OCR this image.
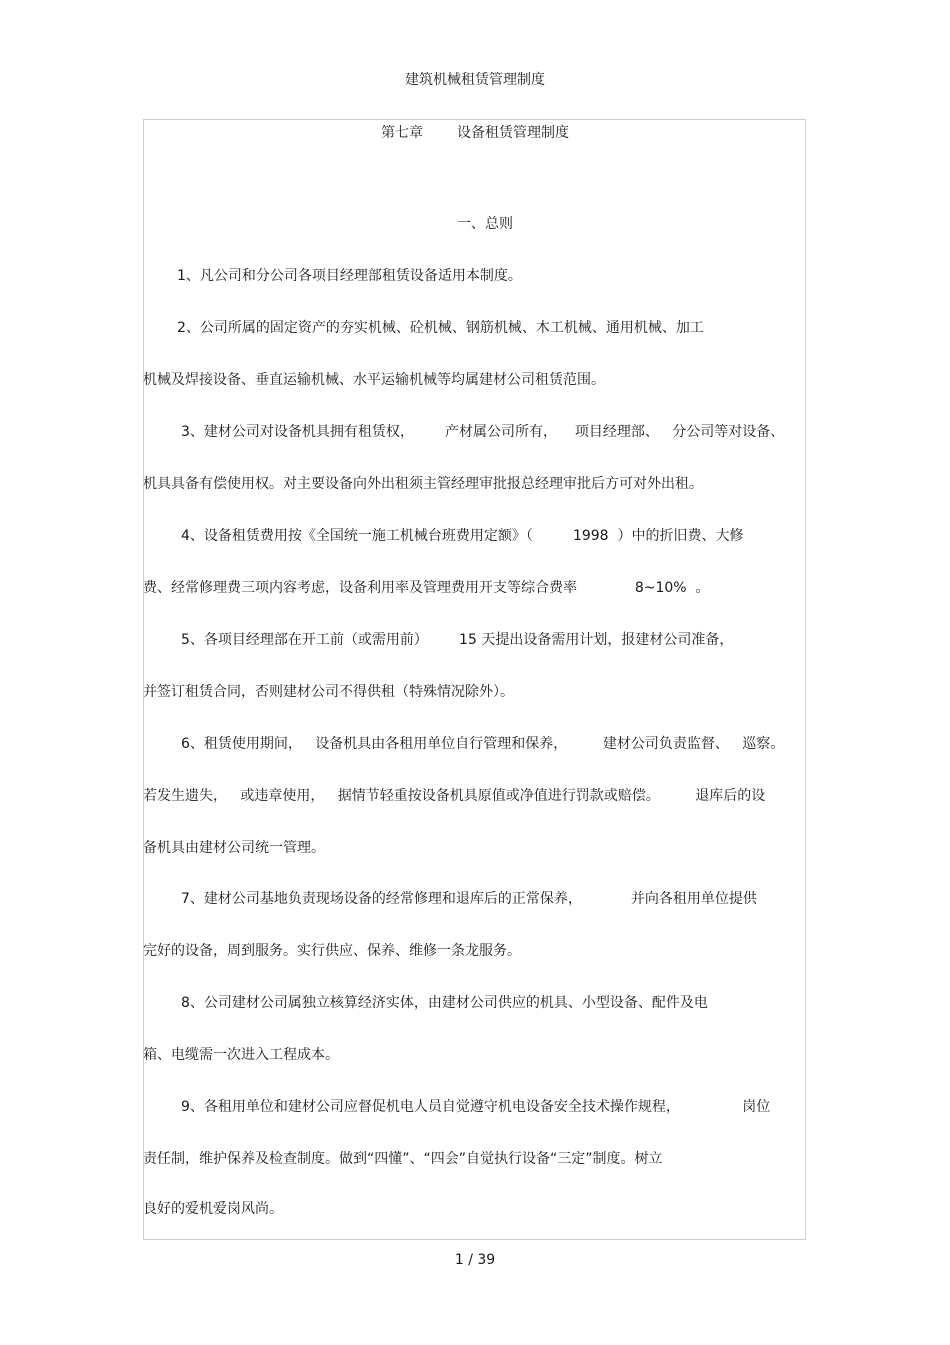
建筑机械租赁管理制度
第七章 设备租赁管理制度
一、总则
1、凡公司和分公司各项目经理部租赁设备适用本制度。
2、公司所属的固定资产的夯实机械、砼机械、钢筋机械、木工机械、通用机械、加工
机械及焊接设备、垂直运输机械、水平运输机械等均属建材公司租赁范围。
3、建材公司对设备机具拥有租赁权，       产材属公司所有，    项目经理部、   分公司等对设备、
机具具备有偿使用权。对主要设备向外出租须主管经理审批报总经理审批后方可对外出租。
4、设备租赁费用按《全国统一施工机械台班费用定额》（         1998  ）中的折旧费、大修
费、经常修理费三项内容考虑，设备利用率及管理费用开支等综合费率             8~10%  。
5、各项目经理部在开工前（或需用前）       15 天提出设备需用计划，报建材公司准备，
并签订租赁合同，否则建材公司不得供租（特殊情况除外）。
6、租赁使用期间，   设备机具由各租用单位自行管理和保养，        建材公司负责监督、   巡察。
若发生遗失，   或违章使用，   据情节轻重按设备机具原值或净值进行罚款或赔偿。        退库后的设
备机具由建材公司统一管理。
7、建材公司基地负责现场设备的经常修理和退库后的正常保养，           并向各租用单位提供
完好的设备，周到服务。实行供应、保养、维修一条龙服务。
8、公司建材公司属独立核算经济实体，由建材公司供应的机具、小型设备、配件及电
箱、电缆需一次进入工程成本。
9、各租用单位和建材公司应督促机电人员自觉遵守机电设备安全技术操作规程，              岗位
责任制，维护保养及检查制度。做到“四懂”、“四会”自觉执行设备“三定”制度。树立
良好的爱机爱岗风尚。
1 / 39
